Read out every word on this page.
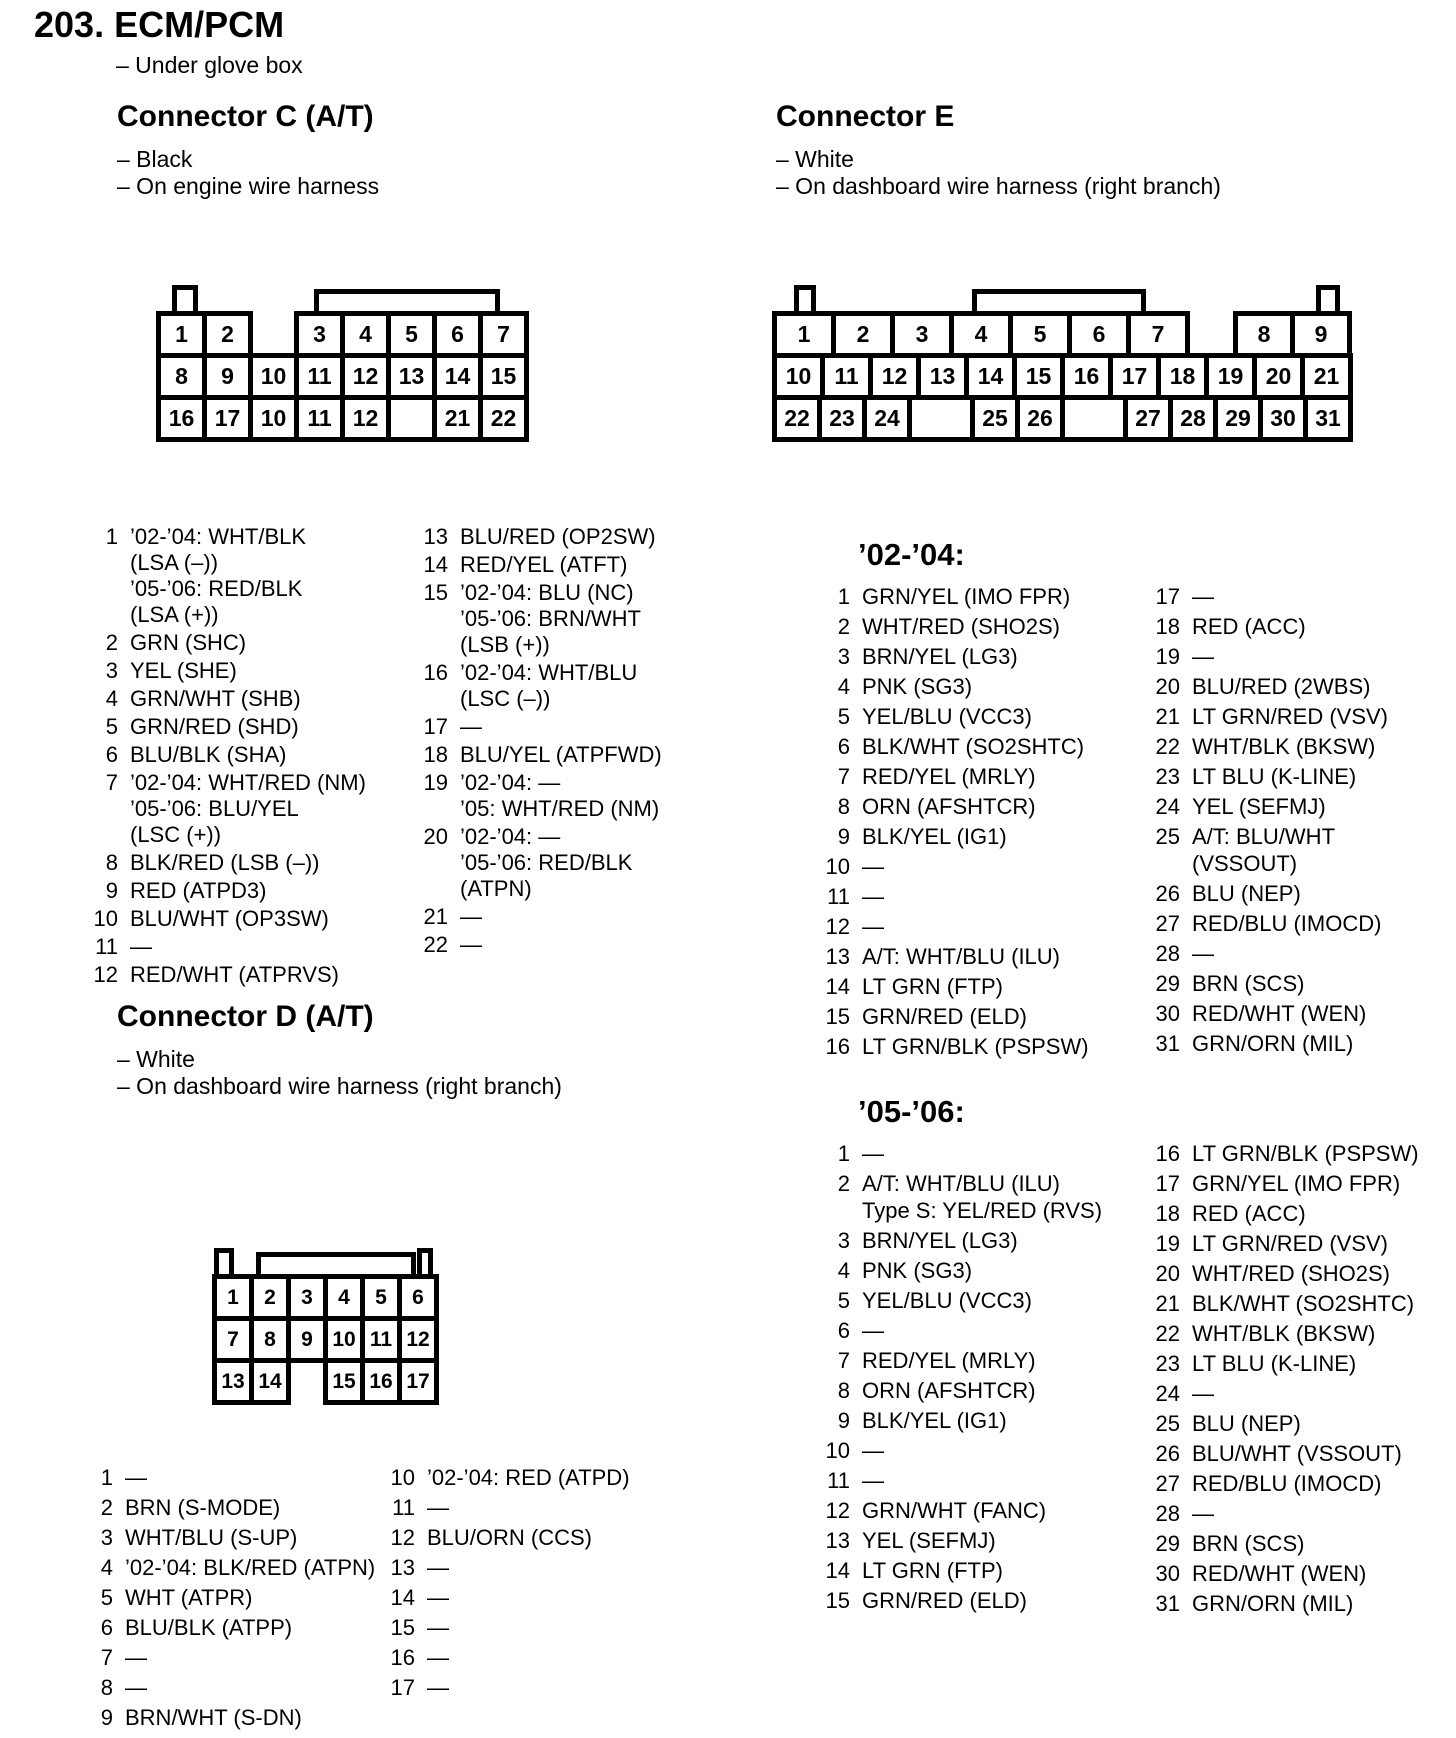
203. ECM/PCM
– Under glove box
Connector C (A/T)
– Black
– On engine wire harness
1	2	3	4	5	6	7
8	9	10 11 12 13 14 15
16 17 10 11 12	21 22
1 ’02-’04: WHT/BLK
(LSA (–))
’05-’06: RED/BLK
(LSA (+))
2 GRN (SHC)
3 YEL (SHE)
4 GRN/WHT (SHB)
5 GRN/RED (SHD)
6 BLU/BLK (SHA)
7 ’02-’04: WHT/RED (NM)
’05-’06: BLU/YEL
(LSC (+))
8 BLK/RED (LSB (–))
9 RED (ATPD3)
10 BLU/WHT (OP3SW)
11 —
12 RED/WHT (ATPRVS)
13 BLU/RED (OP2SW)
14 RED/YEL (ATFT)
15 ’02-’04: BLU (NC)
’05-’06: BRN/WHT
(LSB (+))
16 ’02-’04: WHT/BLU
(LSC (–))
17 —
18 BLU/YEL (ATPFWD)
19 ’02-’04: —
’05: WHT/RED (NM)
20 ’02-’04: —
’05-’06: RED/BLK
(ATPN)
21 —
22 —
Connector D (A/T)
– White
– On dashboard wire harness (right branch)
1	2	3	4	5	6
7	8	9 10 11 12
13 14	15 16 17
1 —
2 BRN (S-MODE)
3 WHT/BLU (S-UP)
4 ’02-’04: BLK/RED (ATPN)
5 WHT (ATPR)
6 BLU/BLK (ATPP)
7 —
8 —
9 BRN/WHT (S-DN)
10 ’02-’04: RED (ATPD)
11 —
12 BLU/ORN (CCS)
13 —
14 —
15 —
16 —
17 —
Connector E
– White
– On dashboard wire harness (right branch)
1	2	3	4	5	6	7	8	9
10	11	12 13 14 15 16 17 18 19 20 21
22 23 24	25 26	27 28 29 30 31
’02-’04:
1 GRN/YEL (IMO FPR)
2 WHT/RED (SHO2S)
3 BRN/YEL (LG3)
4 PNK (SG3)
5 YEL/BLU (VCC3)
6 BLK/WHT (SO2SHTC)
7 RED/YEL (MRLY)
8 ORN (AFSHTCR)
9 BLK/YEL (IG1)
10 —
11 —
12 —
13 A/T: WHT/BLU (ILU)
14 LT GRN (FTP)
15 GRN/RED (ELD)
16 LT GRN/BLK (PSPSW)
17 —
18 RED (ACC)
19 —
20 BLU/RED (2WBS)
21 LT GRN/RED (VSV)
22 WHT/BLK (BKSW)
23 LT BLU (K-LINE)
24 YEL (SEFMJ)
25 A/T: BLU/WHT
(VSSOUT)
26 BLU (NEP)
27 RED/BLU (IMOCD)
28 —
29 BRN (SCS)
30 RED/WHT (WEN)
31 GRN/ORN (MIL)
’05-’06:
1 —
2 A/T: WHT/BLU (ILU)
Type S: YEL/RED (RVS)
3 BRN/YEL (LG3)
4 PNK (SG3)
5 YEL/BLU (VCC3)
6 —
7 RED/YEL (MRLY)
8 ORN (AFSHTCR)
9 BLK/YEL (IG1)
10 —
11 —
12 GRN/WHT (FANC)
13 YEL (SEFMJ)
14 LT GRN (FTP)
15 GRN/RED (ELD)
16 LT GRN/BLK (PSPSW)
17 GRN/YEL (IMO FPR)
18 RED (ACC)
19 LT GRN/RED (VSV)
20 WHT/RED (SHO2S)
21 BLK/WHT (SO2SHTC)
22 WHT/BLK (BKSW)
23 LT BLU (K-LINE)
24 —
25 BLU (NEP)
26 BLU/WHT (VSSOUT)
27 RED/BLU (IMOCD)
28 —
29 BRN (SCS)
30 RED/WHT (WEN)
31 GRN/ORN (MIL)
